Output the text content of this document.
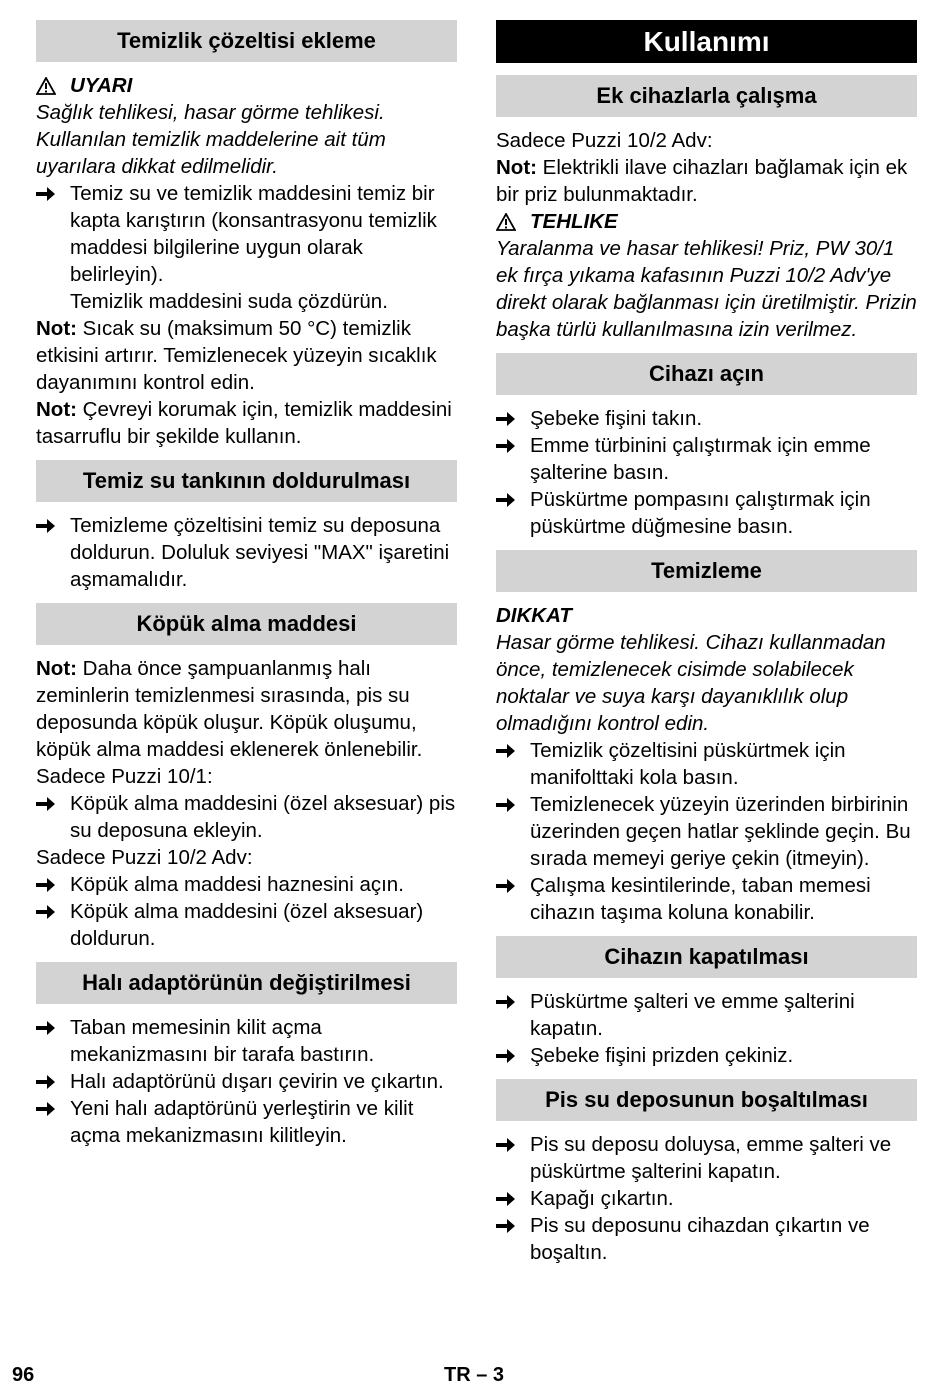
Temizlik çözeltisi ekleme
UYARI

Sağlık tehlikesi, hasar görme tehlikesi. Kullanılan temizlik maddelerine ait tüm uyarılara dikkat edilmelidir.

Temiz su ve temizlik maddesini temiz bir kapta karıştırın (konsantrasyonu temizlik maddesi bilgilerine uygun olarak belirleyin).

Temizlik maddesini suda çözdürün.

Not: Sıcak su (maksimum 50 °C) temizlik etkisini artırır. Temizlenecek yüzeyin sıcaklık dayanımını kontrol edin.

Not: Çevreyi korumak için, temizlik maddesini tasarruflu bir şekilde kullanın.

Temiz su tankının doldurulması
Temizleme çözeltisini temiz su deposuna doldurun. Doluluk seviyesi "MAX" işaretini aşmamalıdır.
Köpük alma maddesi

Not: Daha önce şampuanlanmış halı zeminlerin temizlenmesi sırasında, pis su deposunda köpük oluşur. Köpük oluşumu, köpük alma maddesi eklenerek önlenebilir.

Sadece Puzzi 10/1:

Köpük alma maddesini (özel aksesuar) pis su deposuna ekleyin.

Sadece Puzzi 10/2 Adv:

Köpük alma maddesi haznesini açın.
Köpük alma maddesini (özel aksesuar) doldurun.
Halı adaptörünün değiştirilmesi
Taban memesinin kilit açma mekanizmasını bir tarafa bastırın.
Halı adaptörünü dışarı çevirin ve çıkartın.
Yeni halı adaptörünü yerleştirin ve kilit açma mekanizmasını kilitleyin.
Kullanımı
Ek cihazlarla çalışma

Sadece Puzzi 10/2 Adv:

Not: Elektrikli ilave cihazları bağlamak için ek bir priz bulunmaktadır.

TEHLIKE

Yaralanma ve hasar tehlikesi! Priz, PW 30/1 ek fırça yıkama kafasının Puzzi 10/2 Adv'ye direkt olarak bağlanması için üretilmiştir. Prizin başka türlü kullanılmasına izin verilmez.

Cihazı açın
Şebeke fişini takın.
Emme türbinini çalıştırmak için emme şalterine basın.
Püskürtme pompasını çalıştırmak için püskürtme düğmesine basın.
Temizleme
DIKKAT

Hasar görme tehlikesi. Cihazı kullanmadan önce, temizlenecek cisimde solabilecek noktalar ve suya karşı dayanıklılık olup olmadığını kontrol edin.

Temizlik çözeltisini püskürtmek için manifolttaki kola basın.
Temizlenecek yüzeyin üzerinden birbirinin üzerinden geçen hatlar şeklinde geçin. Bu sırada memeyi geriye çekin (itmeyin).
Çalışma kesintilerinde, taban memesi cihazın taşıma koluna konabilir.
Cihazın kapatılması
Püskürtme şalteri ve emme şalterini kapatın.
Şebeke fişini prizden çekiniz.
Pis su deposunun boşaltılması
Pis su deposu doluysa, emme şalteri ve püskürtme şalterini kapatın.
Kapağı çıkartın.
Pis su deposunu cihazdan çıkartın ve boşaltın.
96	TR – 3
